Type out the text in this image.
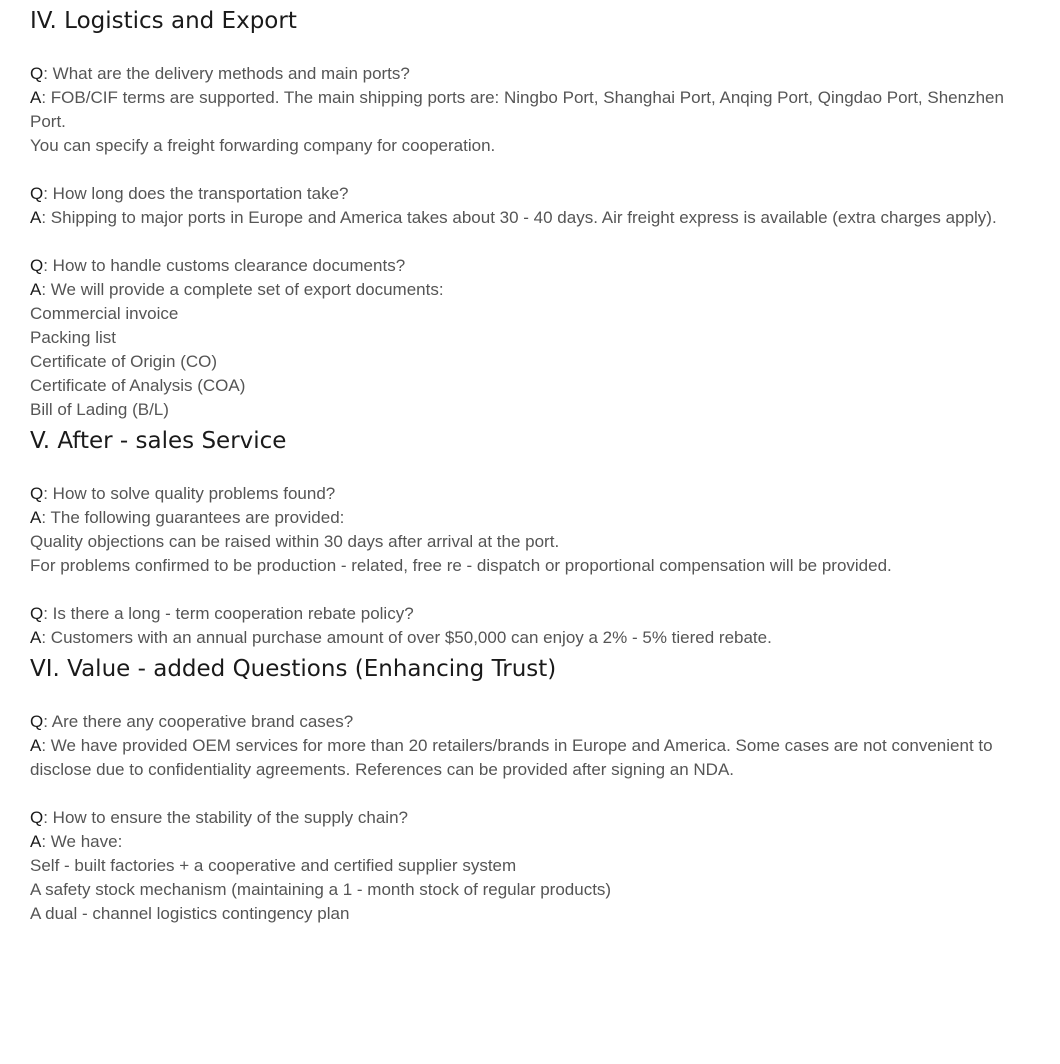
IV. Logistics and Export

Q: What are the delivery methods and main ports?

A: FOB/CIF terms are supported. The main shipping ports are: Ningbo Port, Shanghai Port, Anqing Port, Qingdao Port, Shenzhen Port.

You can specify a freight forwarding company for cooperation.

Q: How long does the transportation take?

A: Shipping to major ports in Europe and America takes about 30 - 40 days. Air freight express is available (extra charges apply).

Q: How to handle customs clearance documents?

A: We will provide a complete set of export documents:

Commercial invoice

Packing list

Certificate of Origin (CO)

Certificate of Analysis (COA)

Bill of Lading (B/L)

V. After - sales Service

Q: How to solve quality problems found?

A: The following guarantees are provided:

Quality objections can be raised within 30 days after arrival at the port.

For problems confirmed to be production - related, free re - dispatch or proportional compensation will be provided.

Q: Is there a long - term cooperation rebate policy?

A: Customers with an annual purchase amount of over $50,000 can enjoy a 2% - 5% tiered rebate.

VI. Value - added Questions (Enhancing Trust)

Q: Are there any cooperative brand cases?

A: We have provided OEM services for more than 20 retailers/brands in Europe and America. Some cases are not convenient to disclose due to confidentiality agreements. References can be provided after signing an NDA.

Q: How to ensure the stability of the supply chain?

A: We have:

Self - built factories + a cooperative and certified supplier system

A safety stock mechanism (maintaining a 1 - month stock of regular products)

A dual - channel logistics contingency plan
